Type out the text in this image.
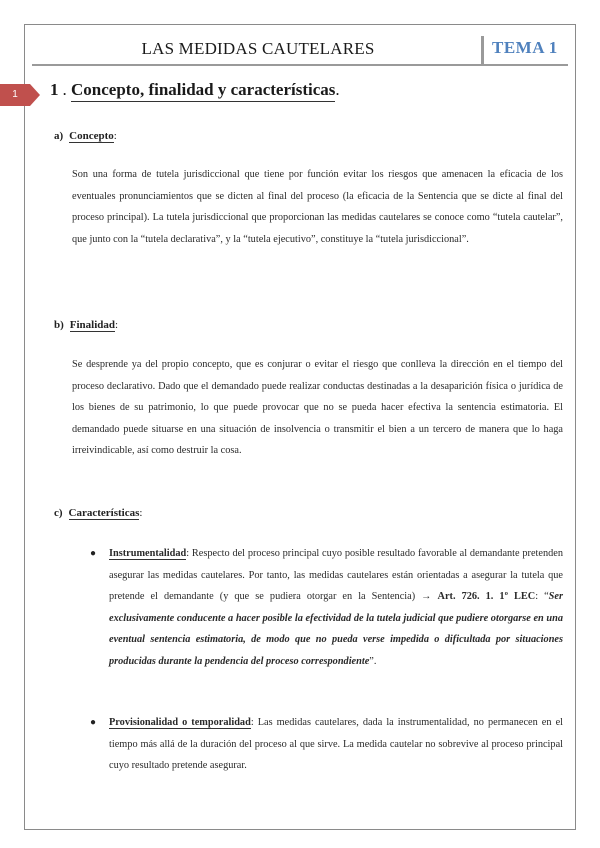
LAS MEDIDAS CAUTELARES	TEMA 1
1	1 . Concepto, finalidad y características.
a) Concepto:
Son una forma de tutela jurisdiccional que tiene por función evitar los riesgos que amenacen la eficacia de los eventuales pronunciamientos que se dicten al final del proceso (la eficacia de la Sentencia que se dicte al final del proceso principal). La tutela jurisdiccional que proporcionan las medidas cautelares se conoce como “tutela cautelar”, que junto con la “tutela declarativa”, y la “tutela ejecutivo”, constituye la “tutela jurisdiccional”.
b) Finalidad:
Se desprende ya del propio concepto, que es conjurar o evitar el riesgo que conlleva la dirección en el tiempo del proceso declarativo. Dado que el demandado puede realizar conductas destinadas a la desaparición física o jurídica de los bienes de su patrimonio, lo que puede provocar que no se pueda hacer efectiva la sentencia estimatoria. El demandado puede situarse en una situación de insolvencia o transmitir el bien a un tercero de manera que lo haga irreivindicable, así como destruir la cosa.
c) Características:
● Instrumentalidad: Respecto del proceso principal cuyo posible resultado favorable al demandante pretenden asegurar las medidas cautelares. Por tanto, las medidas cautelares están orientadas a asegurar la tutela que pretende el demandante (y que se pudiera otorgar en la Sentencia) → Art. 726. 1. 1º LEC: “Ser exclusivamente conducente a hacer posible la efectividad de la tutela judicial que pudiere otorgarse en una eventual sentencia estimatoria, de modo que no pueda verse impedida o dificultada por situaciones producidas durante la pendencia del proceso correspondiente”.
● Provisionalidad o temporalidad: Las medidas cautelares, dada la instrumentalidad, no permanecen en el tiempo más allá de la duración del proceso al que sirve. La medida cautelar no sobrevive al proceso principal cuyo resultado pretende asegurar.
